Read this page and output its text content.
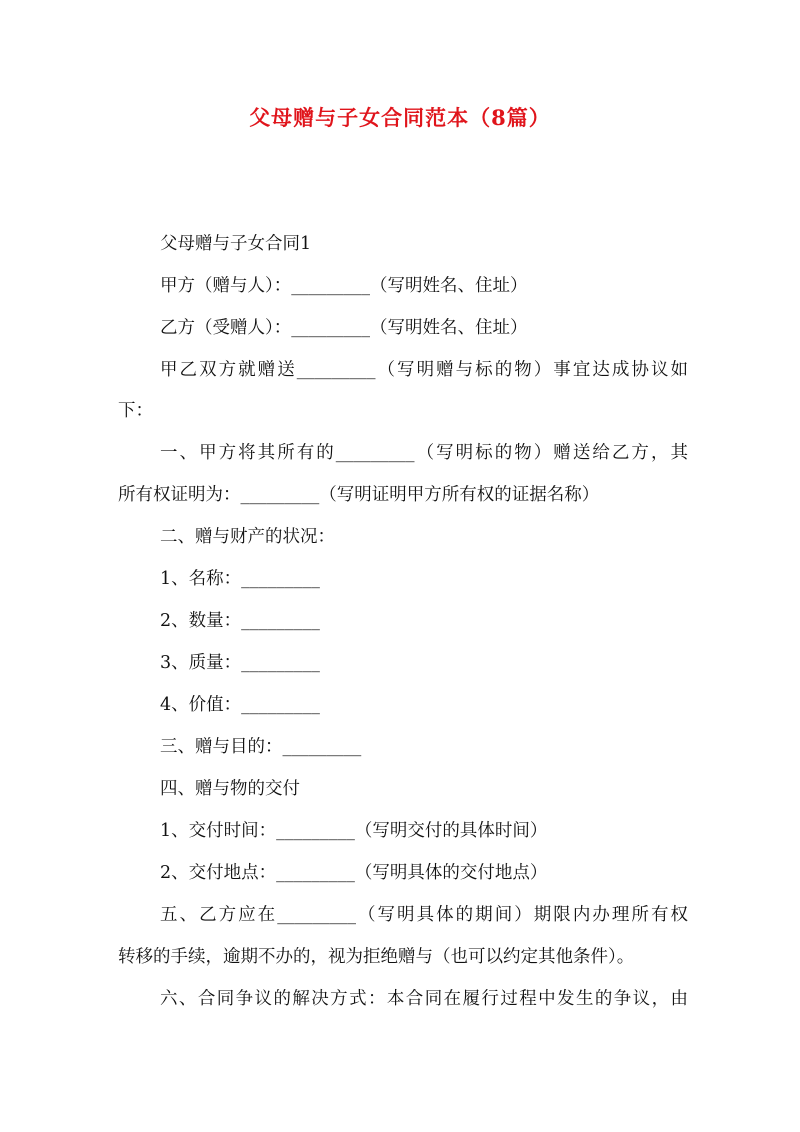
父母赠与子女合同范本（8篇）
父母赠与子女合同1
甲方（赠与人）：_________（写明姓名、住址）
乙方（受赠人）：_________（写明姓名、住址）
甲乙双方就赠送_________（写明赠与标的物）事宜达成协议如
下：
一、甲方将其所有的_________（写明标的物）赠送给乙方，其
所有权证明为：_________（写明证明甲方所有权的证据名称）
二、赠与财产的状况：
1、名称：_________
2、数量：_________
3、质量：_________
4、价值：_________
三、赠与目的：_________
四、赠与物的交付
1、交付时间：_________（写明交付的具体时间）
2、交付地点：_________（写明具体的交付地点）
五、乙方应在_________（写明具体的期间）期限内办理所有权
转移的手续，逾期不办的，视为拒绝赠与（也可以约定其他条件）。
六、合同争议的解决方式：本合同在履行过程中发生的争议，由
